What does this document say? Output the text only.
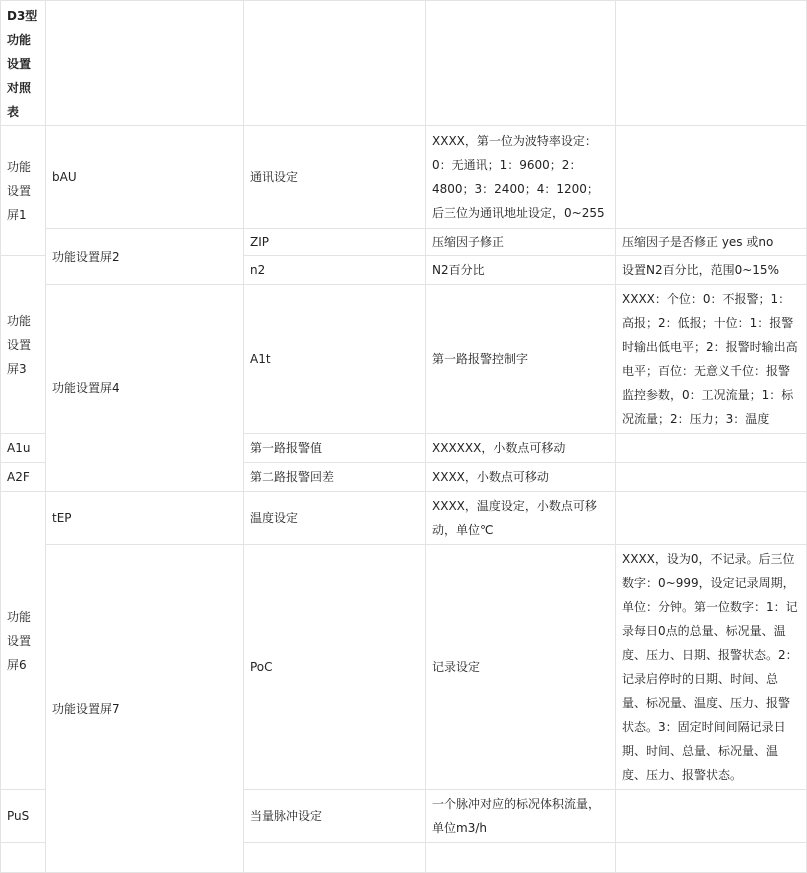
D3型功能设置对照表
功能设置屏1
功能设置屏3
A1u
A2F
功能设置屏6
PuS
bAU
功能设置屏2
功能设置屏4
tEP
功能设置屏7
通讯设定
ZIP
n2
A1t
第一路报警值
第二路报警回差
温度设定
PoC
当量脉冲设定
XXXX，第一位为波特率设定：0：无通讯；1：9600；2：4800；3：2400；4：1200；后三位为通讯地址设定，0~255
压缩因子修正
N2百分比
第一路报警控制字
XXXXXX，小数点可移动
XXXX，小数点可移动
XXXX，温度设定，小数点可移动，单位℃
记录设定
一个脉冲对应的标况体积流量，单位m3/h
压缩因子是否修正 yes 或no
设置N2百分比，范围0~15%
XXXX：个位：0：不报警；1：高报；2：低报；十位：1：报警时输出低电平；2：报警时输出高电平；百位：无意义千位：报警监控参数，0：工况流量；1：标况流量；2：压力；3：温度
XXXX，设为0，不记录。后三位数字：0~999，设定记录周期，单位：分钟。第一位数字：1：记录每日0点的总量、标况量、温度、压力、日期、报警状态。2：记录启停时的日期、时间、总量、标况量、温度、压力、报警状态。3：固定时间间隔记录日期、时间、总量、标况量、温度、压力、报警状态。
